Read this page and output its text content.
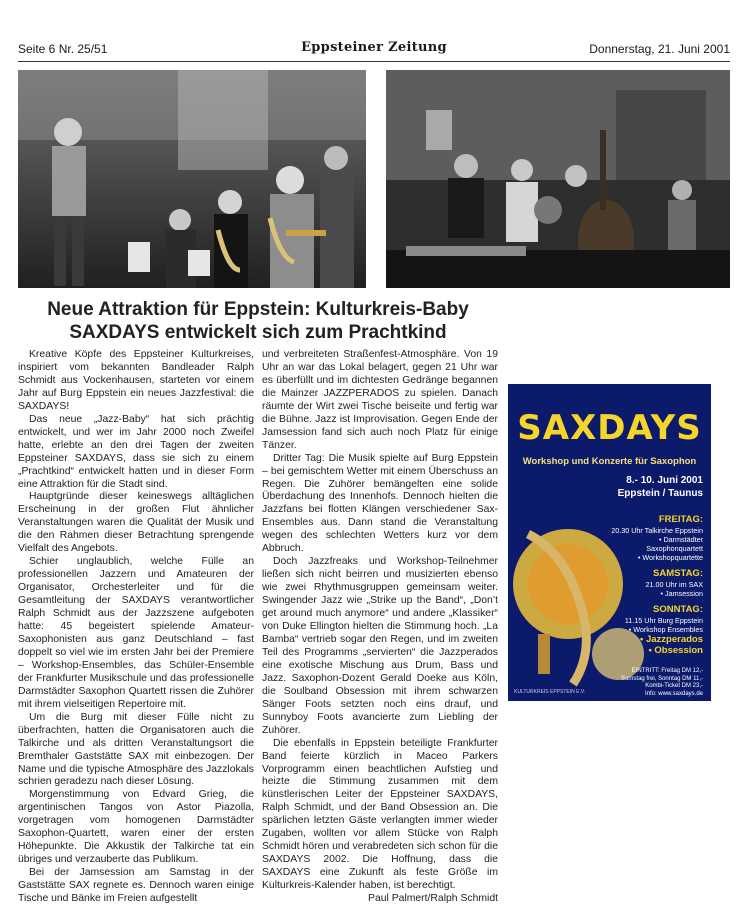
Seite 6 Nr. 25/51	Eppsteiner Zeitung	Donnerstag, 21. Juni 2001
Neue Attraktion für Eppstein: Kulturkreis-Baby
SAXDAYS entwickelt sich zum Prachtkind

Kreative Köpfe des Eppsteiner Kulturkreises, inspiriert vom bekannten Bandleader Ralph Schmidt aus Vockenhausen, starteten vor einem Jahr auf Burg Eppstein ein neues Jazzfestival: die SAXDAYS!

Das neue „Jazz-Baby“ hat sich prächtig entwickelt, und wer im Jahr 2000 noch Zweifel hatte, erlebte an den drei Tagen der zweiten Eppsteiner SAXDAYS, dass sie sich zu einem „Prachtkind“ entwickelt hatten und in dieser Form eine Attraktion für die Stadt sind.

Hauptgründe dieser keineswegs alltäglichen Erscheinung in der großen Flut ähnlicher Veranstaltungen waren die Qualität der Musik und die den Rahmen dieser Betrachtung sprengende Vielfalt des Angebots.

Schier unglaublich, welche Fülle an professionellen Jazzern und Amateuren der Organisator, Orchesterleiter und für die Gesamtleitung der SAXDAYS verantwortlicher Ralph Schmidt aus der Jazzszene aufgeboten hatte: 45 begeistert spielende Amateur-Saxophonisten aus ganz Deutschland – fast doppelt so viel wie im ersten Jahr bei der Premiere – Workshop-Ensembles, das Schüler-Ensemble der Frankfurter Musikschule und das professionelle Darmstädter Saxophon Quartett rissen die Zuhörer mit ihrem vielseitigen Repertoire mit.

Um die Burg mit dieser Fülle nicht zu überfrachten, hatten die Organisatoren auch die Talkirche und als dritten Veranstaltungsort die Bremthaler Gaststätte SAX mit einbezogen. Der Name und die typische Atmosphäre des Jazzlokals schrien geradezu nach dieser Lösung.

Morgenstimmung von Edvard Grieg, die argentinischen Tangos von Astor Piazolla, vorgetragen vom homogenen Darmstädter Saxophon-Quartett, waren einer der ersten Höhepunkte. Die Akkustik der Talkirche tat ein übriges und verzauberte das Publikum.

Bei der Jamsession am Samstag in der Gaststätte SAX regnete es. Dennoch waren einige Tische und Bänke im Freien aufgestellt

und verbreiteten Straßenfest-Atmosphäre. Von 19 Uhr an war das Lokal belagert, gegen 21 Uhr war es überfüllt und im dichtesten Gedränge begannen die Mainzer JAZZPERADOS zu spielen. Danach räumte der Wirt zwei Tische beiseite und fertig war die Bühne. Jazz ist Improvisation. Gegen Ende der Jamsession fand sich auch noch Platz für einige Tänzer.

Dritter Tag: Die Musik spielte auf Burg Eppstein – bei gemischtem Wetter mit einem Überschuss an Regen. Die Zuhörer bemängelten eine solide Überdachung des Innenhofs. Dennoch hielten die Jazzfans bei flotten Klängen verschiedener Sax-Ensembles aus. Dann stand die Veranstaltung wegen des schlechten Wetters kurz vor dem Abbruch.

Doch Jazzfreaks und Workshop-Teilnehmer ließen sich nicht beirren und musizierten ebenso wie zwei Rhythmusgruppen gemeinsam weiter. Swingender Jazz wie „Strike up the Band“, „Don’t get around much anymore“ und andere „Klassiker“ von Duke Ellington hielten die Stimmung hoch. „La Bamba“ vertrieb sogar den Regen, und im zweiten Teil des Programms „servierten“ die Jazzperados eine exotische Mischung aus Drum, Bass und Jazz. Saxophon-Dozent Gerald Doeke aus Köln, die Soulband Obsession mit ihrem schwarzen Sänger Foots setzten noch eins drauf, und Sunnyboy Foots avancierte zum Liebling der Zuhörer.

Die ebenfalls in Eppstein beteiligte Frankfurter Band feierte kürzlich in Maceo Parkers Vorprogramm einen beachtlichen Aufstieg und heizte die Stimmung zusammen mit dem künstlerischen Leiter der Eppsteiner SAXDAYS, Ralph Schmidt, und der Band Obsession an. Die spärlichen letzten Gäste verlangten immer wieder Zugaben, wollten vor allem Stücke von Ralph Schmidt hören und verabredeten sich schon für die SAXDAYS 2002. Die Hoffnung, dass die SAXDAYS eine Zukunft als feste Größe im Kulturkreis-Kalender haben, ist berechtigt.

Paul Palmert/Ralph Schmidt

SAXDAYS
Workshop und Konzerte für Saxophon
8.- 10. Juni 2001
Eppstein / Taunus
FREITAG:
20.30 Uhr Talkirche Eppstein
• Darmstädter Saxophonquartett
• Workshopquartette
SAMSTAG:
21.00 Uhr im SAX
• Jamsession
SONNTAG:
11.15 Uhr Burg Eppstein
• Workshop Ensembles
• Jazzperados
• Obsession
EINTRITT: Freitag DM 12,-
Samstag frei, Sonntag DM 11,-
Kombi-Ticket DM 23,-
Info: www.saxdays.de
KULTURKREIS EPPSTEIN E.V.
